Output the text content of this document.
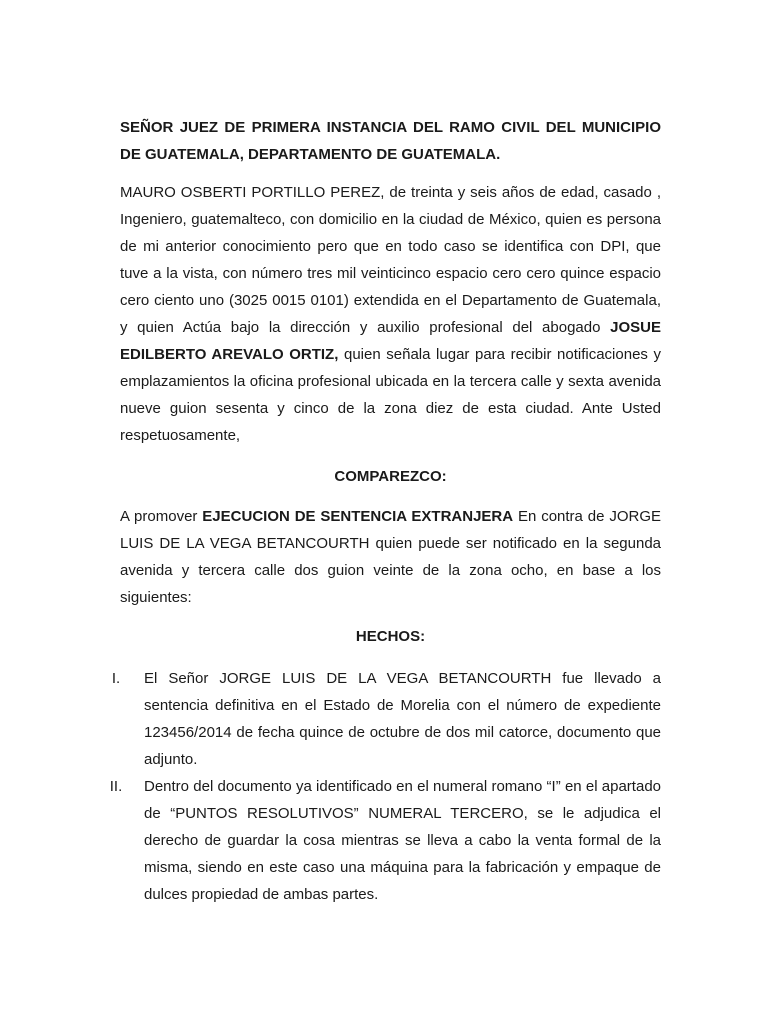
SEÑOR JUEZ DE PRIMERA INSTANCIA DEL RAMO CIVIL DEL MUNICIPIO DE GUATEMALA, DEPARTAMENTO DE GUATEMALA.
MAURO OSBERTI PORTILLO PEREZ, de treinta y seis años de edad, casado , Ingeniero, guatemalteco, con domicilio en la ciudad de México, quien es persona de mi anterior conocimiento pero que en todo caso se identifica con DPI, que tuve a la vista, con número tres mil veinticinco espacio cero cero quince espacio cero ciento uno (3025 0015 0101) extendida en el Departamento de Guatemala, y quien Actúa bajo la dirección y auxilio profesional del abogado JOSUE EDILBERTO AREVALO ORTIZ, quien señala lugar para recibir notificaciones y emplazamientos la oficina profesional ubicada en la tercera calle y sexta avenida nueve guion sesenta y cinco de la zona diez de esta ciudad. Ante Usted respetuosamente,
COMPAREZCO:
A promover EJECUCION DE SENTENCIA EXTRANJERA En contra de JORGE LUIS DE LA VEGA BETANCOURTH quien puede ser notificado en la segunda avenida y tercera calle dos guion veinte de la zona ocho, en base a los siguientes:
HECHOS:
I.	El Señor JORGE LUIS DE LA VEGA BETANCOURTH fue llevado a sentencia definitiva en el Estado de Morelia con el número de expediente 123456/2014 de fecha quince de octubre de dos mil catorce, documento que adjunto.
II.	Dentro del documento ya identificado en el numeral romano “I” en el apartado de “PUNTOS RESOLUTIVOS” NUMERAL TERCERO, se le adjudica el derecho de guardar la cosa mientras se lleva a cabo la venta formal de la misma, siendo en este caso una máquina para la fabricación y empaque de dulces propiedad de ambas partes.
